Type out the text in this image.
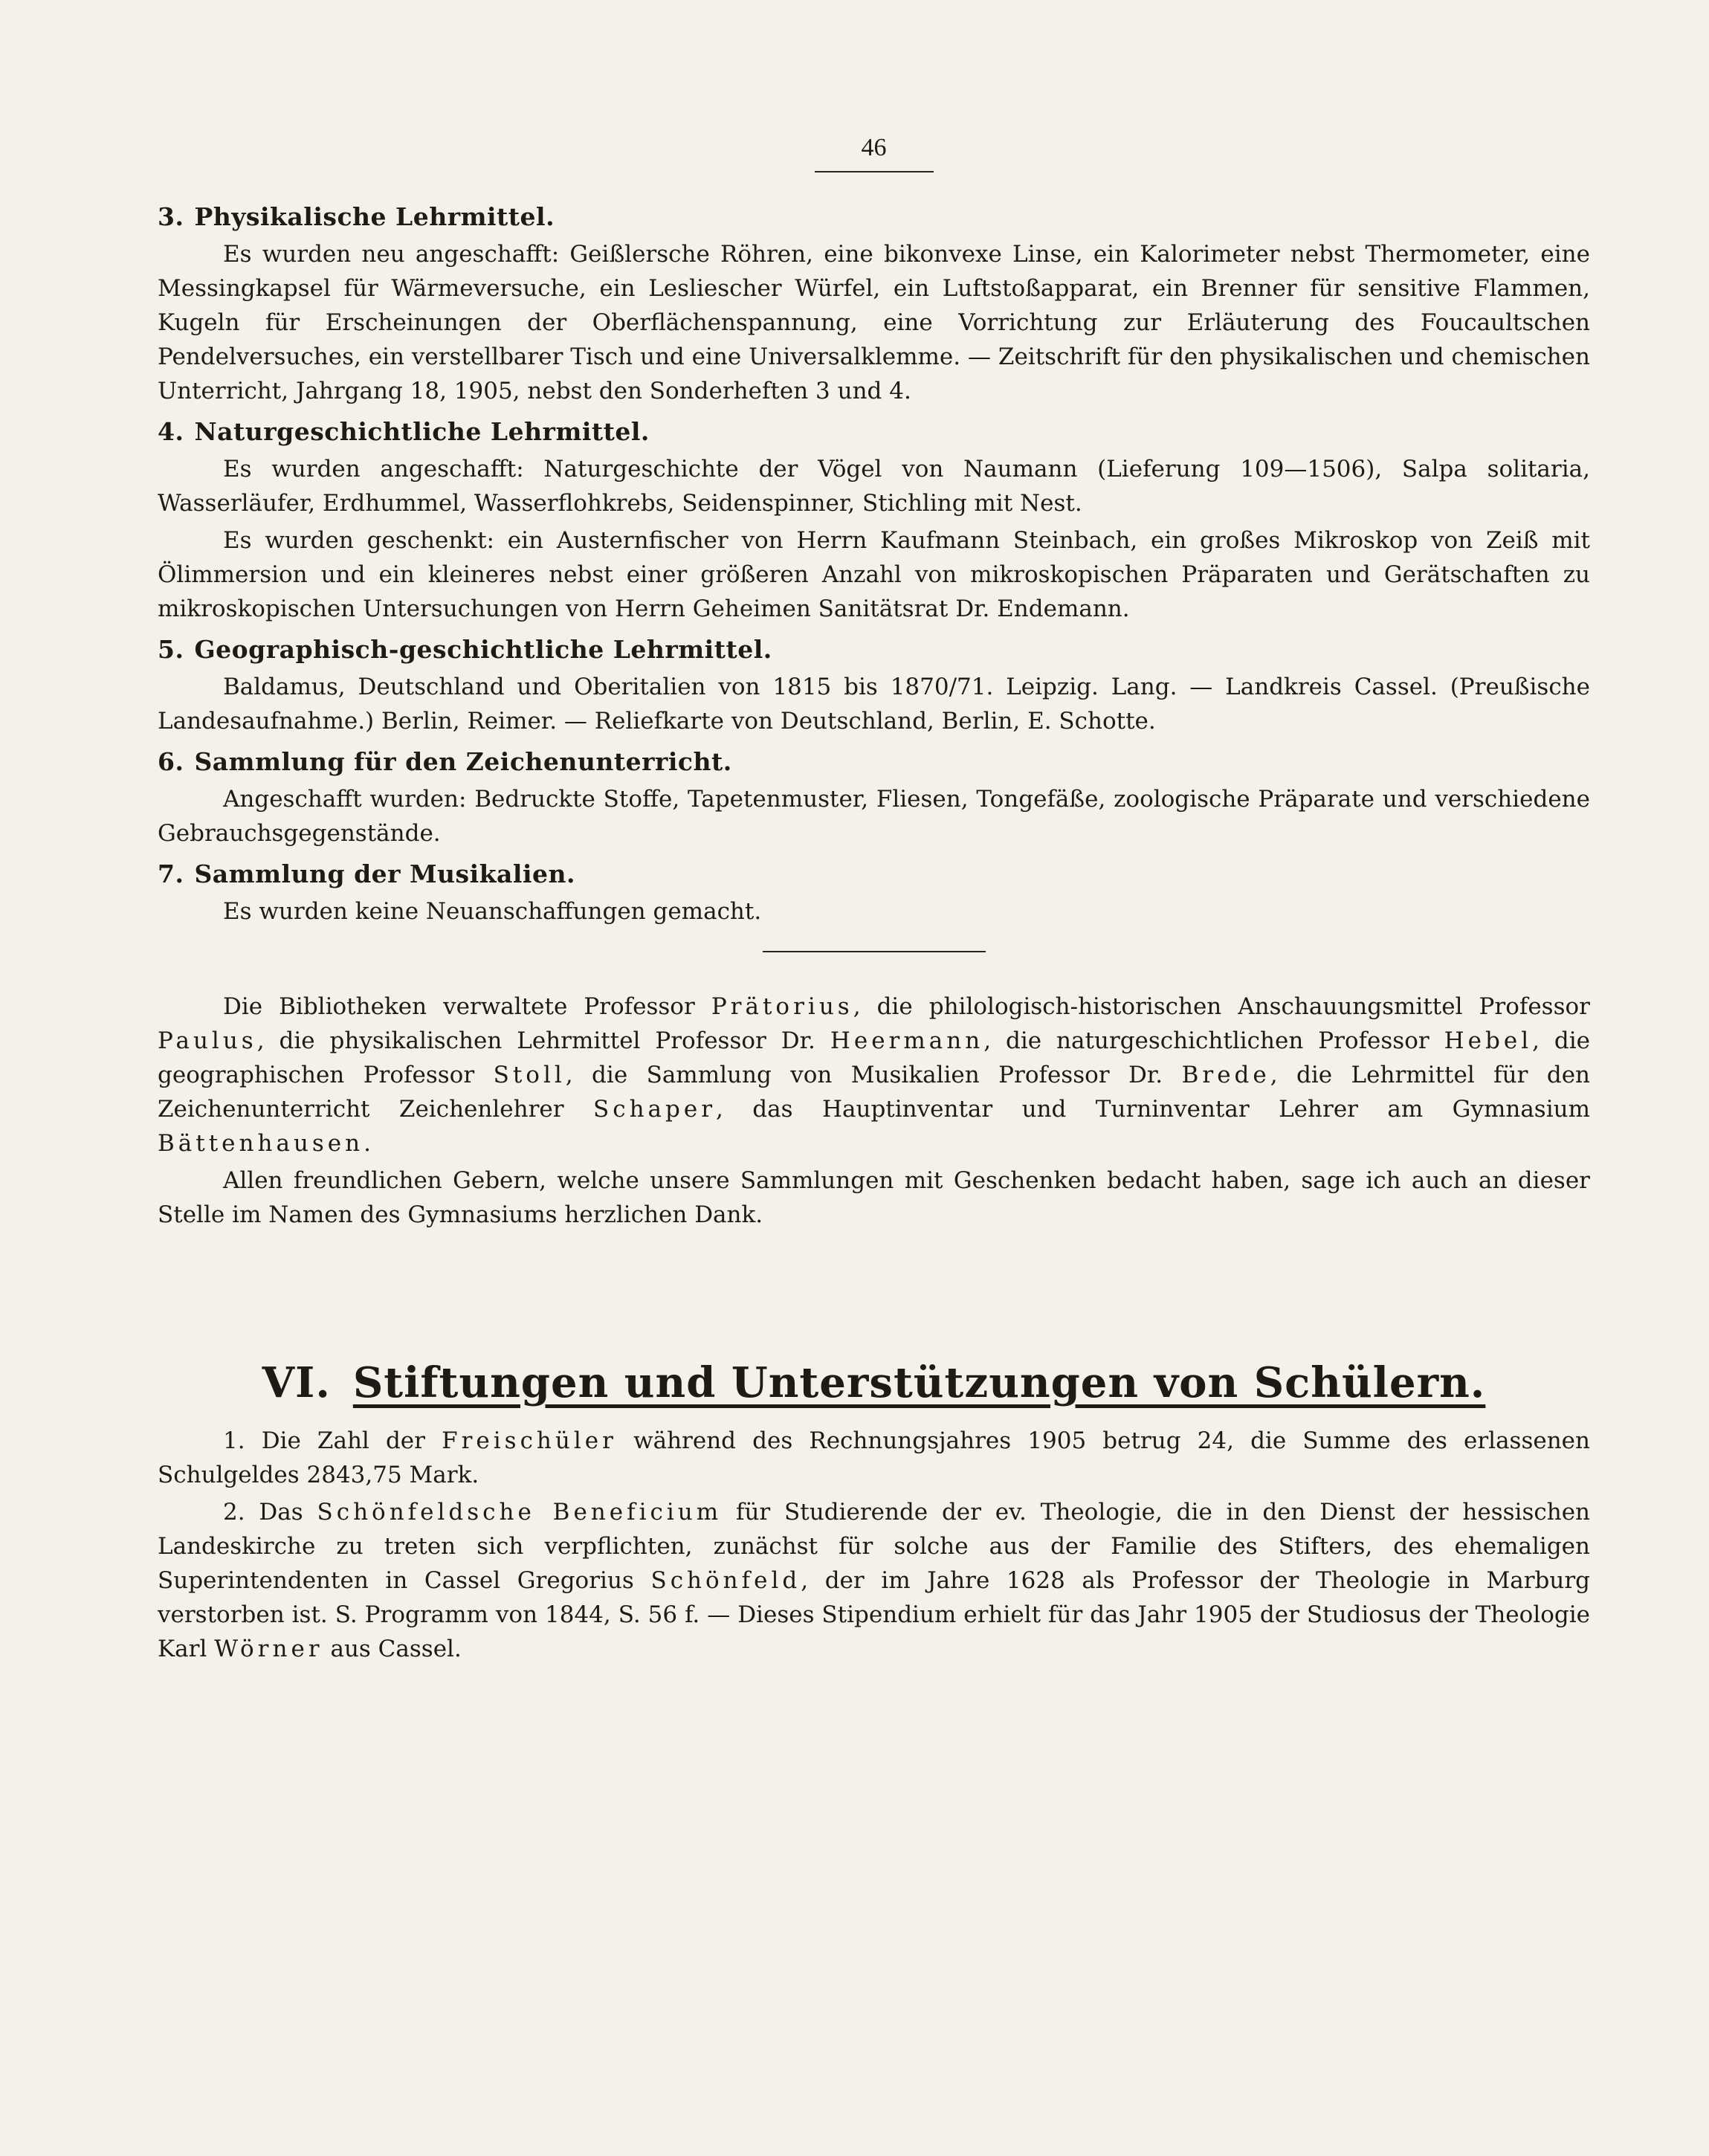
46
3. Physikalische Lehrmittel.

Es wurden neu angeschafft: Geißlersche Röhren, eine bikonvexe Linse, ein Kalorimeter nebst Thermometer, eine Messingkapsel für Wärmeversuche, ein Lesliescher Würfel, ein Luftstoßapparat, ein Brenner für sensitive Flammen, Kugeln für Erscheinungen der Oberflächenspannung, eine Vorrichtung zur Erläuterung des Foucaultschen Pendelversuches, ein verstellbarer Tisch und eine Universalklemme. — Zeitschrift für den physikalischen und chemischen Unterricht, Jahrgang 18, 1905, nebst den Sonderheften 3 und 4.

4. Naturgeschichtliche Lehrmittel.

Es wurden angeschafft: Naturgeschichte der Vögel von Naumann (Lieferung 109—1506), Salpa solitaria, Wasserläufer, Erdhummel, Wasserflohkrebs, Seidenspinner, Stichling mit Nest.

Es wurden geschenkt: ein Austernfischer von Herrn Kaufmann Steinbach, ein großes Mikroskop von Zeiß mit Ölimmersion und ein kleineres nebst einer größeren Anzahl von mikroskopischen Präparaten und Gerätschaften zu mikroskopischen Untersuchungen von Herrn Geheimen Sanitätsrat Dr. Endemann.

5. Geographisch-geschichtliche Lehrmittel.

Baldamus, Deutschland und Oberitalien von 1815 bis 1870/71. Leipzig. Lang. — Landkreis Cassel. (Preußische Landesaufnahme.) Berlin, Reimer. — Reliefkarte von Deutschland, Berlin, E. Schotte.

6. Sammlung für den Zeichenunterricht.

Angeschafft wurden: Bedruckte Stoffe, Tapetenmuster, Fliesen, Tongefäße, zoologische Präparate und verschiedene Gebrauchsgegenstände.

7. Sammlung der Musikalien.

Es wurden keine Neuanschaffungen gemacht.

Die Bibliotheken verwaltete Professor Prätorius, die philologisch-historischen Anschauungsmittel Professor Paulus, die physikalischen Lehrmittel Professor Dr. Heermann, die naturgeschichtlichen Professor Hebel, die geographischen Professor Stoll, die Sammlung von Musikalien Professor Dr. Brede, die Lehrmittel für den Zeichenunterricht Zeichenlehrer Schaper, das Hauptinventar und Turninventar Lehrer am Gymnasium Bättenhausen.

Allen freundlichen Gebern, welche unsere Sammlungen mit Geschenken bedacht haben, sage ich auch an dieser Stelle im Namen des Gymnasiums herzlichen Dank.

VI. Stiftungen und Unterstützungen von Schülern.

1. Die Zahl der Freischüler während des Rechnungsjahres 1905 betrug 24, die Summe des erlassenen Schulgeldes 2843,75 Mark.

2. Das Schönfeldsche Beneficium für Studierende der ev. Theologie, die in den Dienst der hessischen Landeskirche zu treten sich verpflichten, zunächst für solche aus der Familie des Stifters, des ehemaligen Superintendenten in Cassel Gregorius Schönfeld, der im Jahre 1628 als Professor der Theologie in Marburg verstorben ist. S. Programm von 1844, S. 56 f. — Dieses Stipendium erhielt für das Jahr 1905 der Studiosus der Theologie Karl Wörner aus Cassel.
